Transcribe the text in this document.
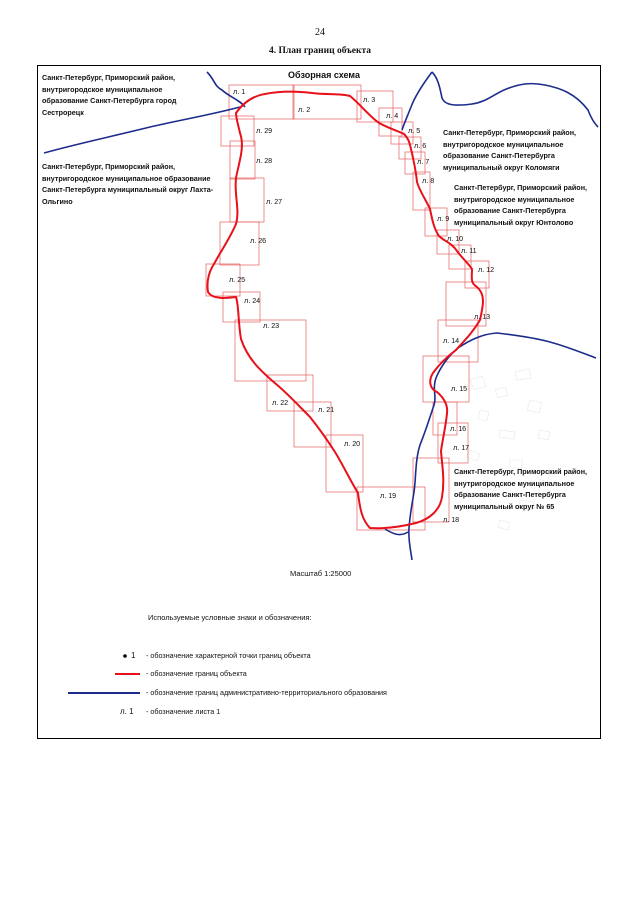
24
4. План границ объекта
Обзорная схема
Санкт-Петербург, Приморский район, внутригородское муниципальное образование Санкт-Петербурга город Сестрорецк
Санкт-Петербург, Приморский район, внутригородское муниципальное образование Санкт-Петербурга муниципальный округ Лахта-Ольгино
Санкт-Петербург, Приморский район, внутригородское муниципальное образование Санкт-Петербурга муниципальный округ Коломяги
Санкт-Петербург, Приморский район, внутригородское муниципальное образование Санкт-Петербурга муниципальный округ Юнтолово
Санкт-Петербург, Приморский район, внутригородское муниципальное образование Санкт-Петербурга муниципальный округ № 65
л. 1
л. 2
л. 3
л. 4
л. 5
л. 6
л. 7
л. 8
л. 9
л. 10
л. 11
л. 12
л. 13
л. 14
л. 15
л. 16
л. 17
л. 18
л. 19
л. 20
л. 21
л. 22
л. 23
л. 24
л. 25
л. 26
л. 27
л. 28
л. 29
Масштаб 1:25000
Используемые условные знаки и обозначения:
1 - обозначение характерной точки границ объекта
- обозначение границ объекта
- обозначение границ административно-территориального образования
л. 1 - обозначение листа 1
